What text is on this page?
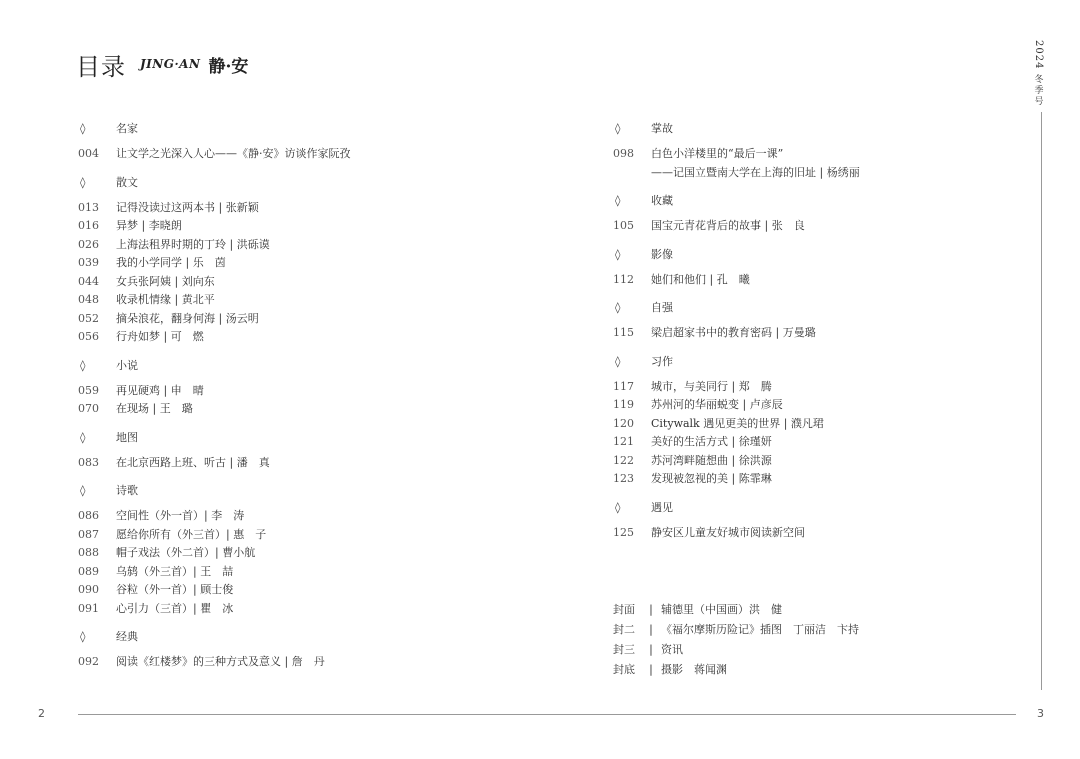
目录 JING·AN 静·安
◊	名家
004	让文学之光深入人心——《静·安》访谈作家阮孜
◊	散文
013	记得没读过这两本书 | 张新颖
016	异梦 | 李晓朗
026	上海法租界时期的丁玲 | 洪砾谟
039	我的小学同学 | 乐　茵
044	女兵张阿姨 | 刘向东
048	收录机情缘 | 黄北平
052	摘朵浪花，翻身何海 | 汤云明
056	行舟如梦 | 可　燃
◊	小说
059	再见硬鸡 | 申　晴
070	在现场 | 王　璐
◊	地图
083	在北京西路上班、听古 | 潘　真
◊	诗歌
086	空间性（外一首）| 李　涛
087	愿给你所有（外三首）| 惠　子
088	帽子戏法（外二首）| 曹小航
089	乌鸫（外三首）| 王　喆
090	谷粒（外一首）| 顾士俊
091	心引力（三首）| 瞿　冰
◊	经典
092	阅读《红楼梦》的三种方式及意义 | 詹　丹
◊	掌故
098	白色小洋楼里的“最后一课”
——记国立暨南大学在上海的旧址 | 杨绣丽
◊	收藏
105	国宝元青花背后的故事 | 张　良
◊	影像
112	她们和他们 | 孔　曦
◊	自强
115	梁启超家书中的教育密码 | 万曼璐
◊	习作
117	城市，与美同行 | 郑　腾
119	苏州河的华丽蜕变 | 卢彦辰
120	Citywalk 遇见更美的世界 | 濮凡珺
121	美好的生活方式 | 徐瑾妍
122	苏河湾畔随想曲 | 徐洪源
123	发现被忽视的美 | 陈霏琳
◊	遇见
125	静安区儿童友好城市阅读新空间
封面	| 辅德里（中国画）洪　健
封二	| 《福尔摩斯历险记》插图　丁丽洁　卞持
封三	| 资讯
封底	| 摄影　蒋闻渊
2024
冬
季
号
2	3
